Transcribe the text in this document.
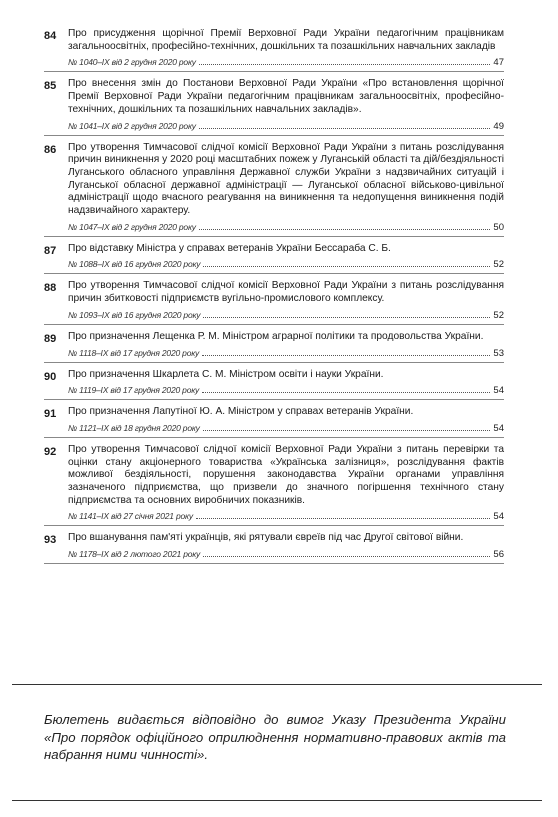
84	Про присудження щорічної Премії Верховної Ради України педагогічним працівникам загальноосвітніх, професійно-технічних, дошкільних та позашкільних навчальних закладів
№ 1040–IX від 2 грудня 2020 року	47
85	Про внесення змін до Постанови Верховної Ради України «Про встановлення щорічної Премії Верховної Ради України педагогічним працівникам загальноосвітніх, професійно-технічних, дошкільних та позашкільних навчальних закладів».
№ 1041–IX від 2 грудня 2020 року	49
86	Про утворення Тимчасової слідчої комісії Верховної Ради України з питань розслідування причин виникнення у 2020 році масштабних пожеж у Луганській області та дій/бездіяльності Луганського обласного управління Державної служби України з надзвичайних ситуацій і Луганської обласної державної адміністрації — Луганської обласної військово-цивільної адміністрації щодо вчасного реагування на виникнення та недопущення виникнення подій надзвичайного характеру.
№ 1047–IX від 2 грудня 2020 року	50
87	Про відставку Міністра у справах ветеранів України Бессараба С. Б.
№ 1088–IX від 16 грудня 2020 року	52
88	Про утворення Тимчасової слідчої комісії Верховної Ради України з питань розслідування причин збитковості підприємств вугільно-промислового комплексу.
№ 1093–IX від 16 грудня 2020 року	52
89	Про призначення Лещенка Р. М. Міністром аграрної політики та продовольства України.
№ 1118–IX від 17 грудня 2020 року	53
90	Про призначення Шкарлета С. М. Міністром освіти і науки України.
№ 1119–IX від 17 грудня 2020 року	54
91	Про призначення Лапутіної Ю. А. Міністром у справах ветеранів України.
№ 1121–IX від 18 грудня 2020 року	54
92	Про утворення Тимчасової слідчої комісії Верховної Ради України з питань перевірки та оцінки стану акціонерного товариства «Українська залізниця», розслідування фактів можливої бездіяльності, порушення законодавства України органами управління зазначеного підприємства, що призвели до значного погіршення технічного стану підприємства та основних виробничих показників.
№ 1141–IX від 27 січня 2021 року	54
93	Про вшанування пам'яті українців, які рятували євреїв під час Другої світової війни.
№ 1178–IX від 2 лютого 2021 року	56
Бюлетень видається відповідно до вимог Указу Президента України «Про порядок офіційного оприлюднення нормативно-правових актів та набрання ними чинності».
